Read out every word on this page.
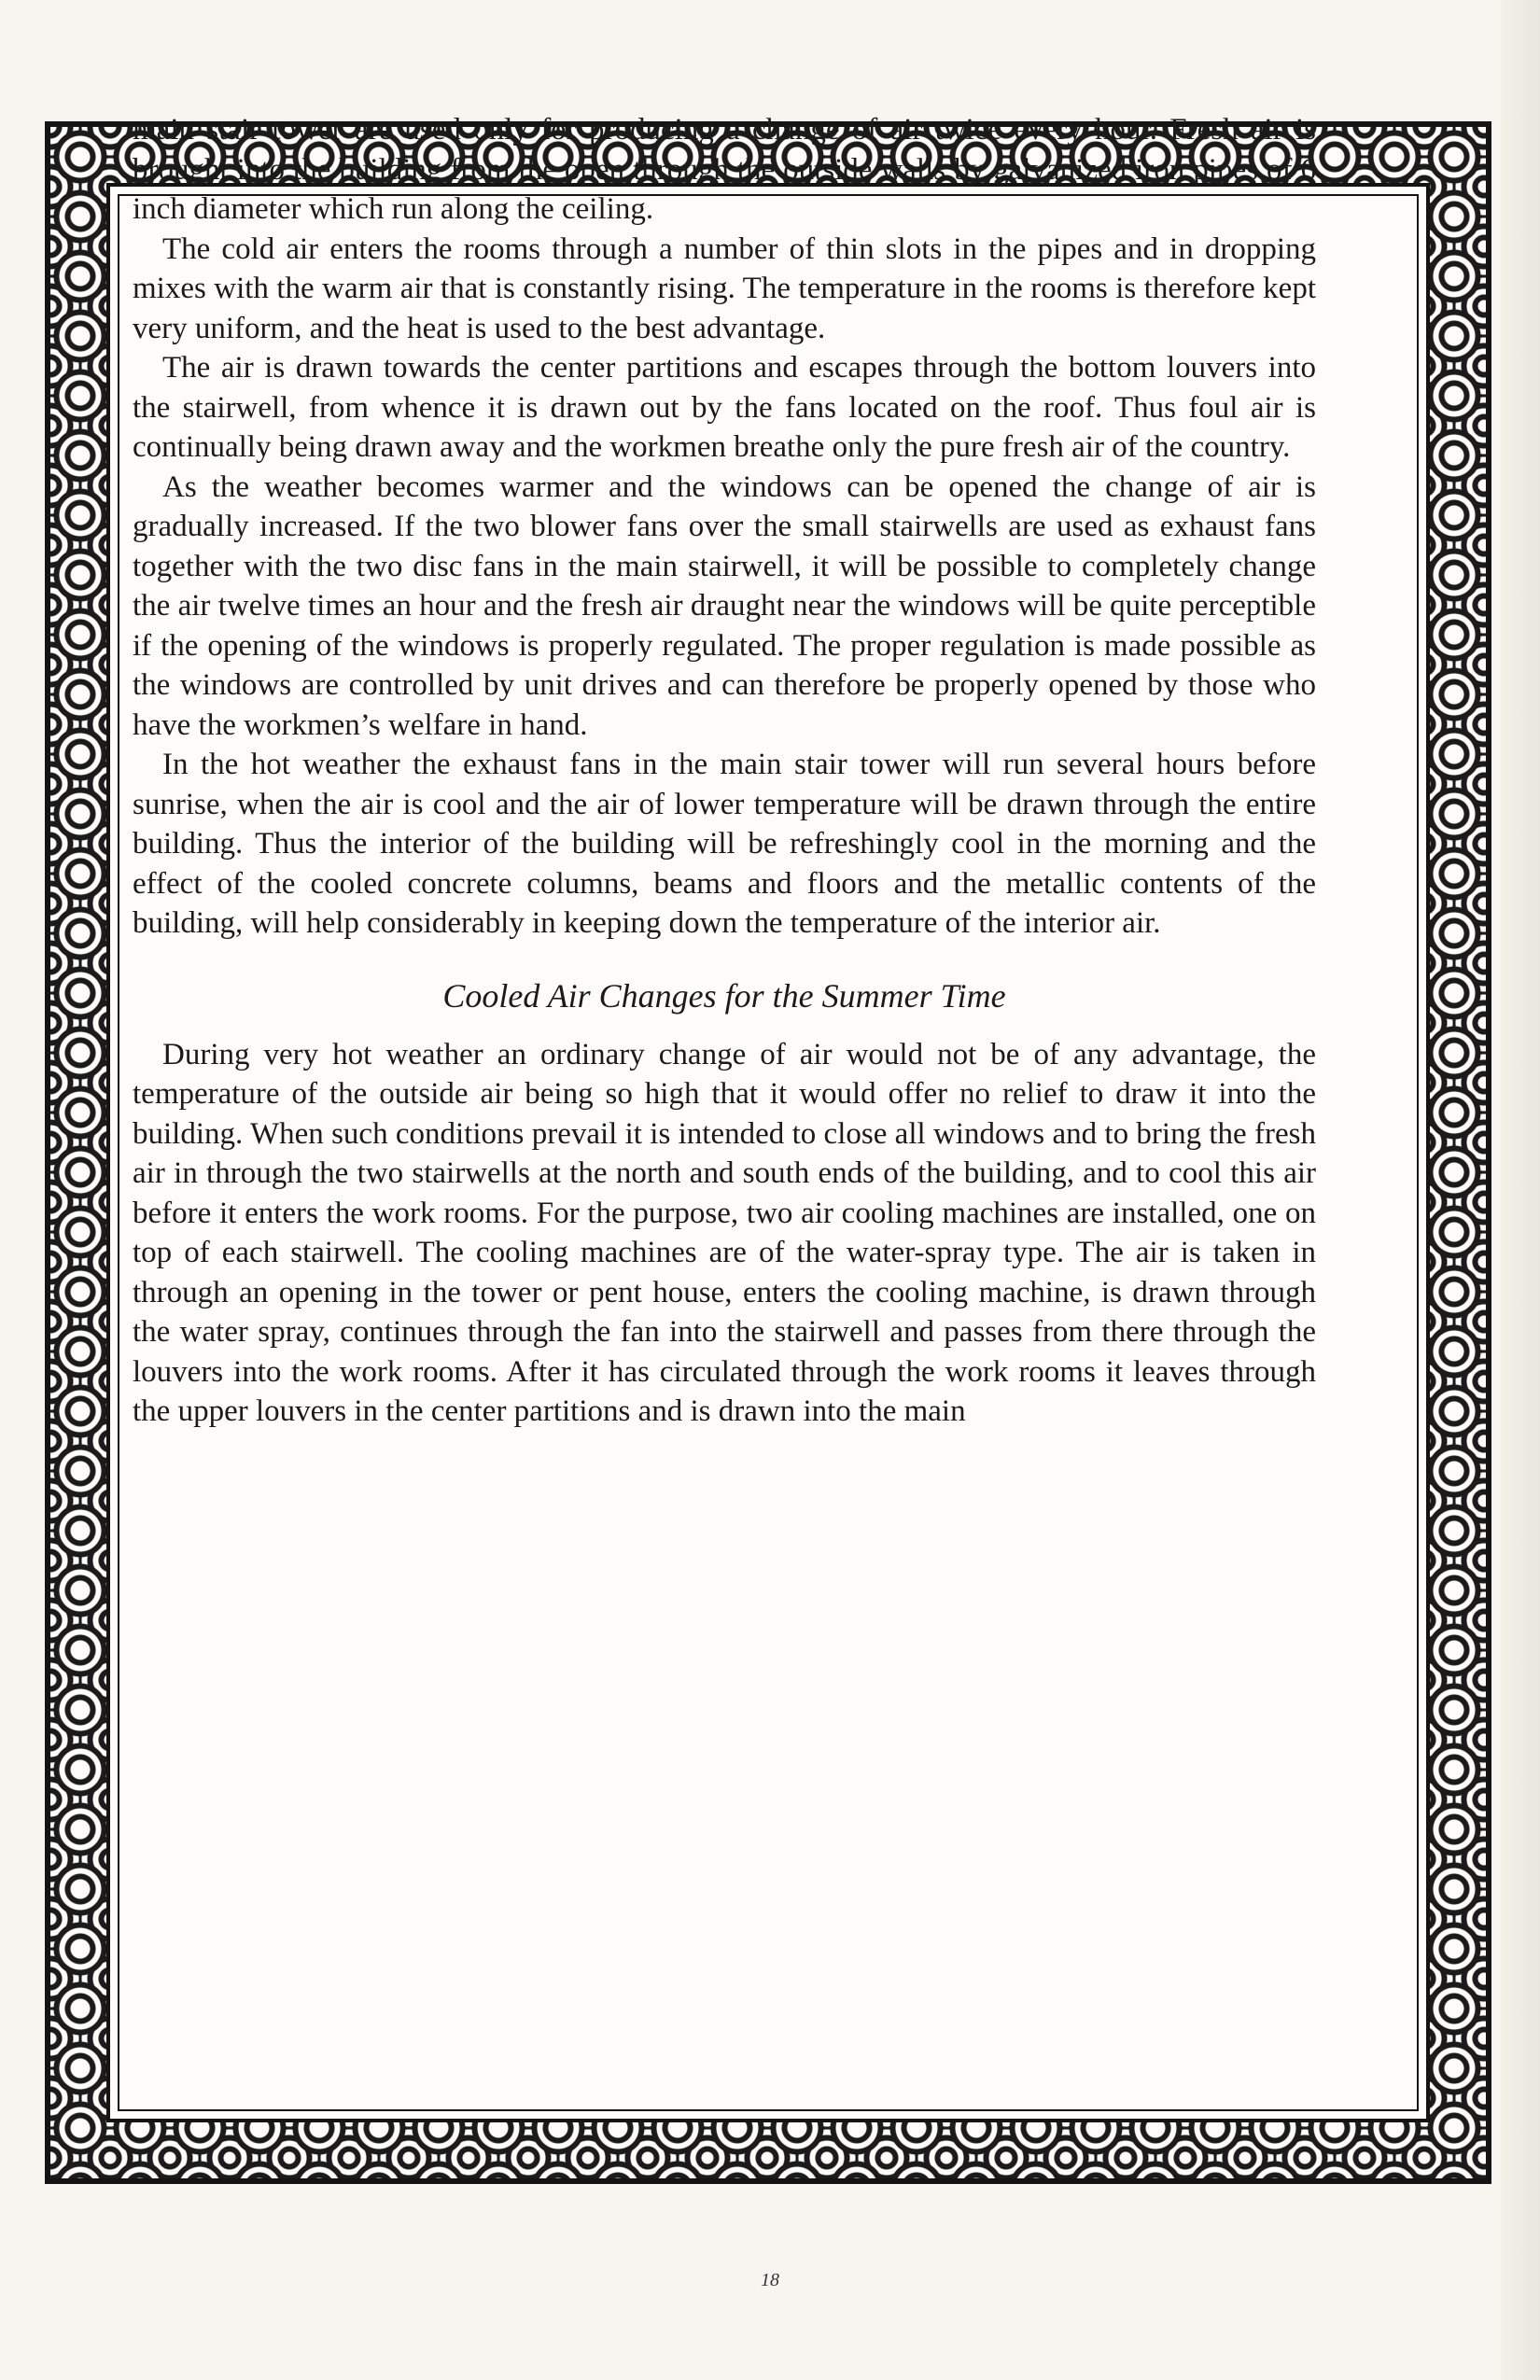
main stair tower are used only for producing a change of air twice every hour. Fresh air is brought into the building from the open through the outside walls by galvanized iron pipes of 6 inch diameter which run along the ceiling.

The cold air enters the rooms through a number of thin slots in the pipes and in dropping mixes with the warm air that is constantly rising. The temperature in the rooms is therefore kept very uniform, and the heat is used to the best advantage.

The air is drawn towards the center partitions and escapes through the bottom louvers into the stairwell, from whence it is drawn out by the fans located on the roof. Thus foul air is continually being drawn away and the workmen breathe only the pure fresh air of the country.

As the weather becomes warmer and the windows can be opened the change of air is gradually increased. If the two blower fans over the small stairwells are used as exhaust fans together with the two disc fans in the main stairwell, it will be possible to completely change the air twelve times an hour and the fresh air draught near the windows will be quite perceptible if the opening of the windows is properly regulated. The proper regulation is made possible as the windows are controlled by unit drives and can therefore be properly opened by those who have the workmen’s welfare in hand.

In the hot weather the exhaust fans in the main stair tower will run several hours before sunrise, when the air is cool and the air of lower temperature will be drawn through the entire building. Thus the interior of the building will be refreshingly cool in the morning and the effect of the cooled concrete columns, beams and floors and the metallic contents of the building, will help considerably in keeping down the temperature of the interior air.

Cooled Air Changes for the Summer Time

During very hot weather an ordinary change of air would not be of any advantage, the temperature of the outside air being so high that it would offer no relief to draw it into the building. When such conditions prevail it is intended to close all windows and to bring the fresh air in through the two stairwells at the north and south ends of the building, and to cool this air before it enters the work rooms. For the purpose, two air cooling machines are installed, one on top of each stairwell. The cooling machines are of the water-spray type. The air is taken in through an opening in the tower or pent house, enters the cooling machine, is drawn through the water spray, continues through the fan into the stairwell and passes from there through the louvers into the work rooms. After it has circulated through the work rooms it leaves through the upper louvers in the center partitions and is drawn into the main

18
